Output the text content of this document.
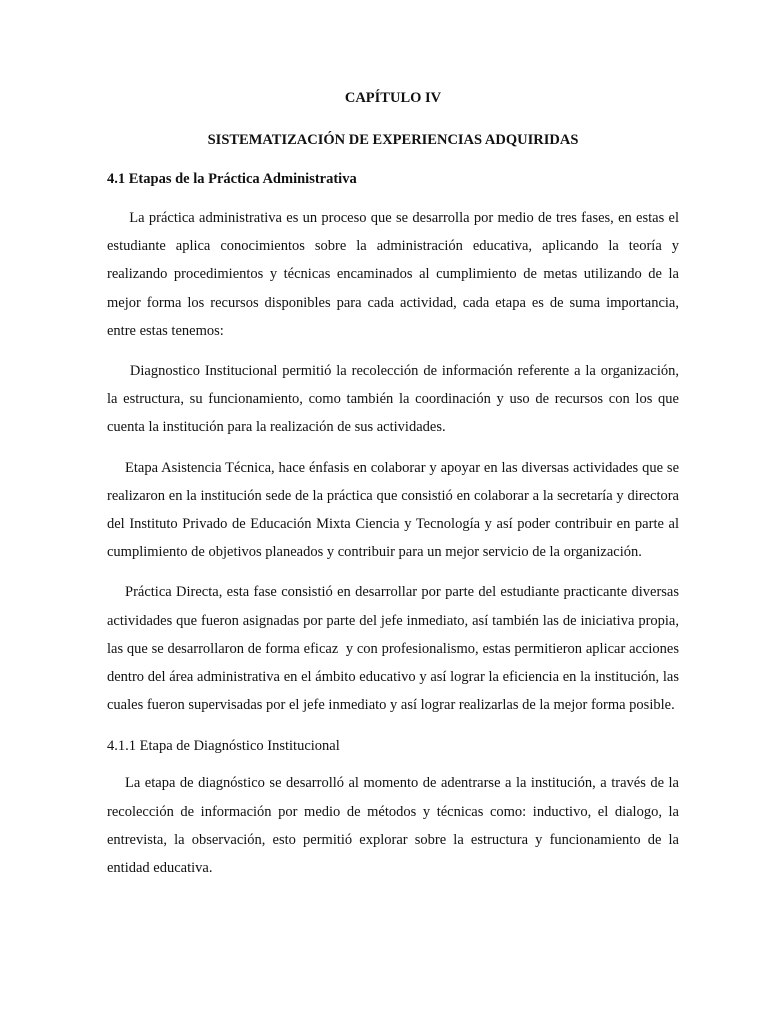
CAPÍTULO IV
SISTEMATIZACIÓN DE EXPERIENCIAS ADQUIRIDAS
4.1 Etapas de la Práctica Administrativa

La práctica administrativa es un proceso que se desarrolla por medio de tres fases, en estas el estudiante aplica conocimientos sobre la administración educativa, aplicando la teoría y realizando procedimientos y técnicas encaminados al cumplimiento de metas utilizando de la mejor forma los recursos disponibles para cada actividad, cada etapa es de suma importancia, entre estas tenemos:

Diagnostico Institucional permitió la recolección de información referente a la organización, la estructura, su funcionamiento, como también la coordinación y uso de recursos con los que cuenta la institución para la realización de sus actividades.

Etapa Asistencia Técnica, hace énfasis en colaborar y apoyar en las diversas actividades que se realizaron en la institución sede de la práctica que consistió en colaborar a la secretaría y directora del Instituto Privado de Educación Mixta Ciencia y Tecnología y así poder contribuir en parte al cumplimiento de objetivos planeados y contribuir para un mejor servicio de la organización.

Práctica Directa, esta fase consistió en desarrollar por parte del estudiante practicante diversas actividades que fueron asignadas por parte del jefe inmediato, así también las de iniciativa propia, las que se desarrollaron de forma eficaz  y con profesionalismo, estas permitieron aplicar acciones dentro del área administrativa en el ámbito educativo y así lograr la eficiencia en la institución, las cuales fueron supervisadas por el jefe inmediato y así lograr realizarlas de la mejor forma posible.

4.1.1 Etapa de Diagnóstico Institucional

La etapa de diagnóstico se desarrolló al momento de adentrarse a la institución, a través de la recolección de información por medio de métodos y técnicas como: inductivo, el dialogo, la entrevista, la observación, esto permitió explorar sobre la estructura y funcionamiento de la entidad educativa.
